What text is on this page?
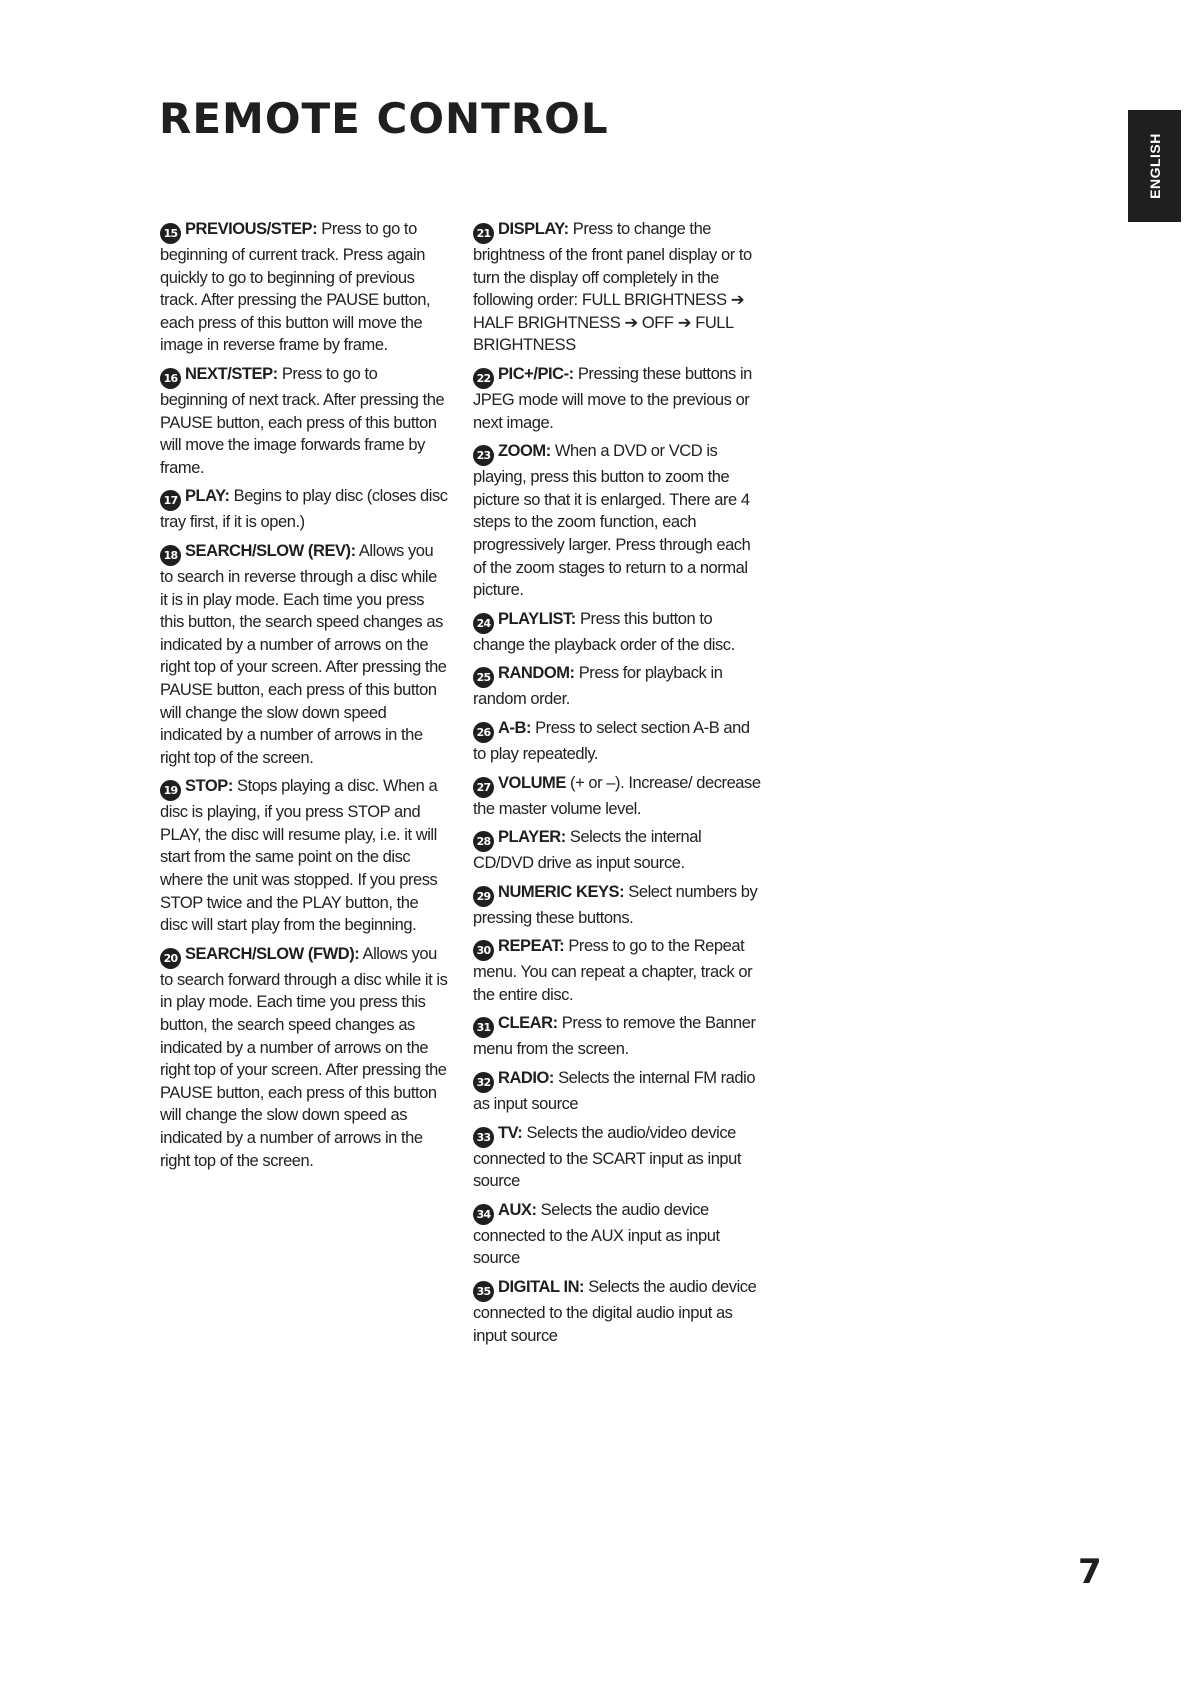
REMOTE CONTROL
ENGLISH

15 PREVIOUS/STEP: Press to go to beginning of current track. Press again quickly to go to beginning of previous track. After pressing the PAUSE button, each press of this button will move the image in reverse frame by frame.

16 NEXT/STEP: Press to go to beginning of next track. After pressing the PAUSE button, each press of this button will move the image forwards frame by frame.

17 PLAY: Begins to play disc (closes disc tray first, if it is open.)

18 SEARCH/SLOW (REV): Allows you to search in reverse through a disc while it is in play mode. Each time you press this button, the search speed changes as indicated by a number of arrows on the right top of your screen. After pressing the PAUSE button, each press of this button will change the slow down speed indicated by a number of arrows in the right top of the screen.

19 STOP: Stops playing a disc. When a disc is playing, if you press STOP and PLAY, the disc will resume play, i.e. it will start from the same point on the disc where the unit was stopped. If you press STOP twice and the PLAY button, the disc will start play from the beginning.

20 SEARCH/SLOW (FWD): Allows you to search forward through a disc while it is in play mode. Each time you press this button, the search speed changes as indicated by a number of arrows on the right top of your screen. After pressing the PAUSE button, each press of this button will change the slow down speed as indicated by a number of arrows in the right top of the screen.

21 DISPLAY: Press to change the brightness of the front panel display or to turn the display off completely in the following order: FULL BRIGHTNESS ➔ HALF BRIGHTNESS ➔ OFF ➔ FULL BRIGHTNESS

22 PIC+/PIC-: Pressing these buttons in JPEG mode will move to the previous or next image.

23 ZOOM: When a DVD or VCD is playing, press this button to zoom the picture so that it is enlarged. There are 4 steps to the zoom function, each progressively larger. Press through each of the zoom stages to return to a normal picture.

24 PLAYLIST: Press this button to change the playback order of the disc.

25 RANDOM: Press for playback in random order.

26 A-B: Press to select section A-B and to play repeatedly.

27 VOLUME (+ or –). Increase/ decrease the master volume level.

28 PLAYER: Selects the internal CD/DVD drive as input source.

29 NUMERIC KEYS: Select numbers by pressing these buttons.

30 REPEAT: Press to go to the Repeat menu. You can repeat a chapter, track or the entire disc.

31 CLEAR: Press to remove the Banner menu from the screen.

32 RADIO: Selects the internal FM radio as input source

33 TV: Selects the audio/video device connected to the SCART input as input source

34 AUX: Selects the audio device connected to the AUX input as input source

35 DIGITAL IN: Selects the audio device connected to the digital audio input as input source

7
